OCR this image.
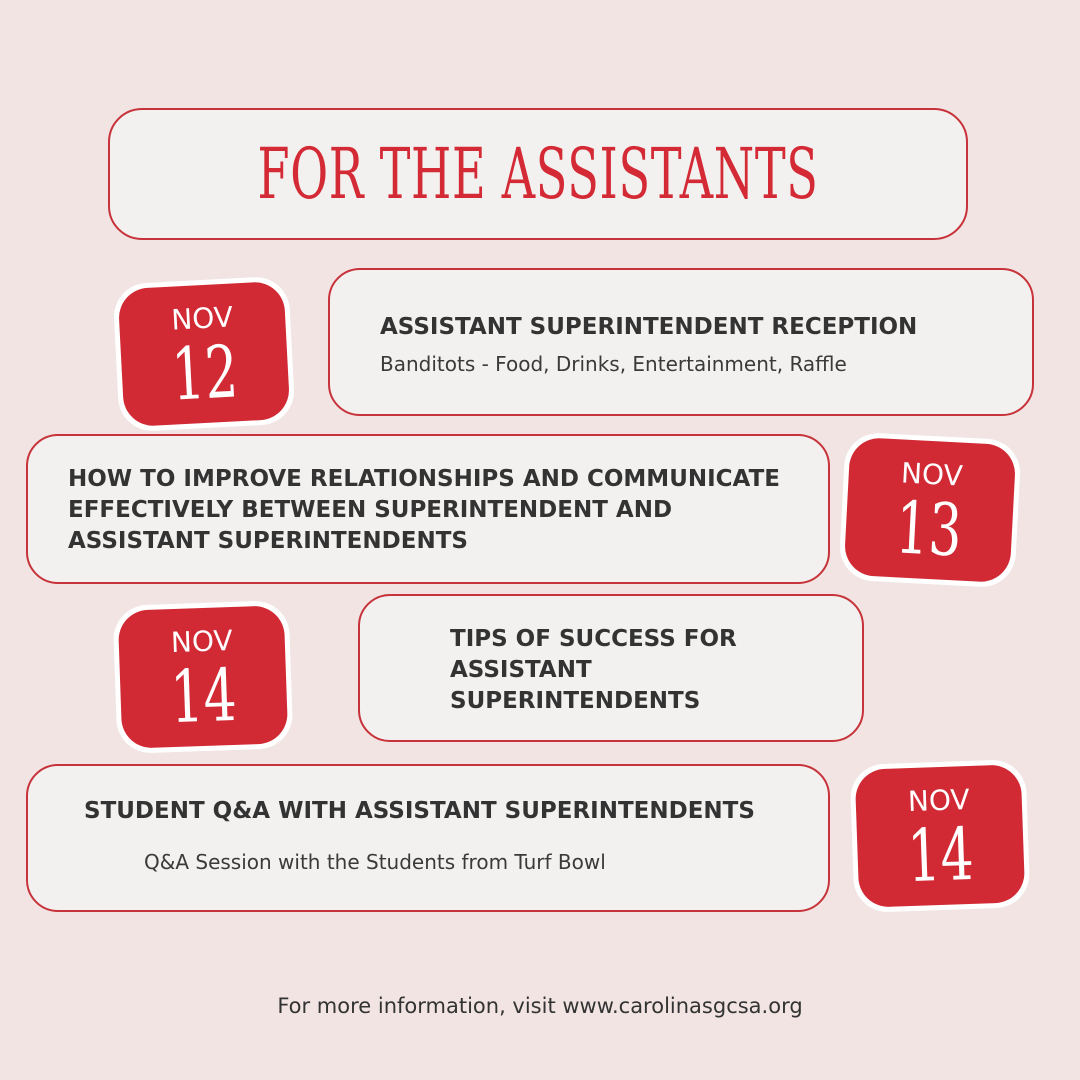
FOR THE ASSISTANTS
NOV
12
ASSISTANT SUPERINTENDENT RECEPTION
Banditots - Food, Drinks, Entertainment, Raffle
HOW TO IMPROVE RELATIONSHIPS AND COMMUNICATE
EFFECTIVELY BETWEEN SUPERINTENDENT AND
ASSISTANT SUPERINTENDENTS
NOV
13
NOV
14
TIPS OF SUCCESS FOR
ASSISTANT
SUPERINTENDENTS
STUDENT Q&A WITH ASSISTANT SUPERINTENDENTS
Q&A Session with the Students from Turf Bowl
NOV
14
For more information, visit www.carolinasgcsa.org
